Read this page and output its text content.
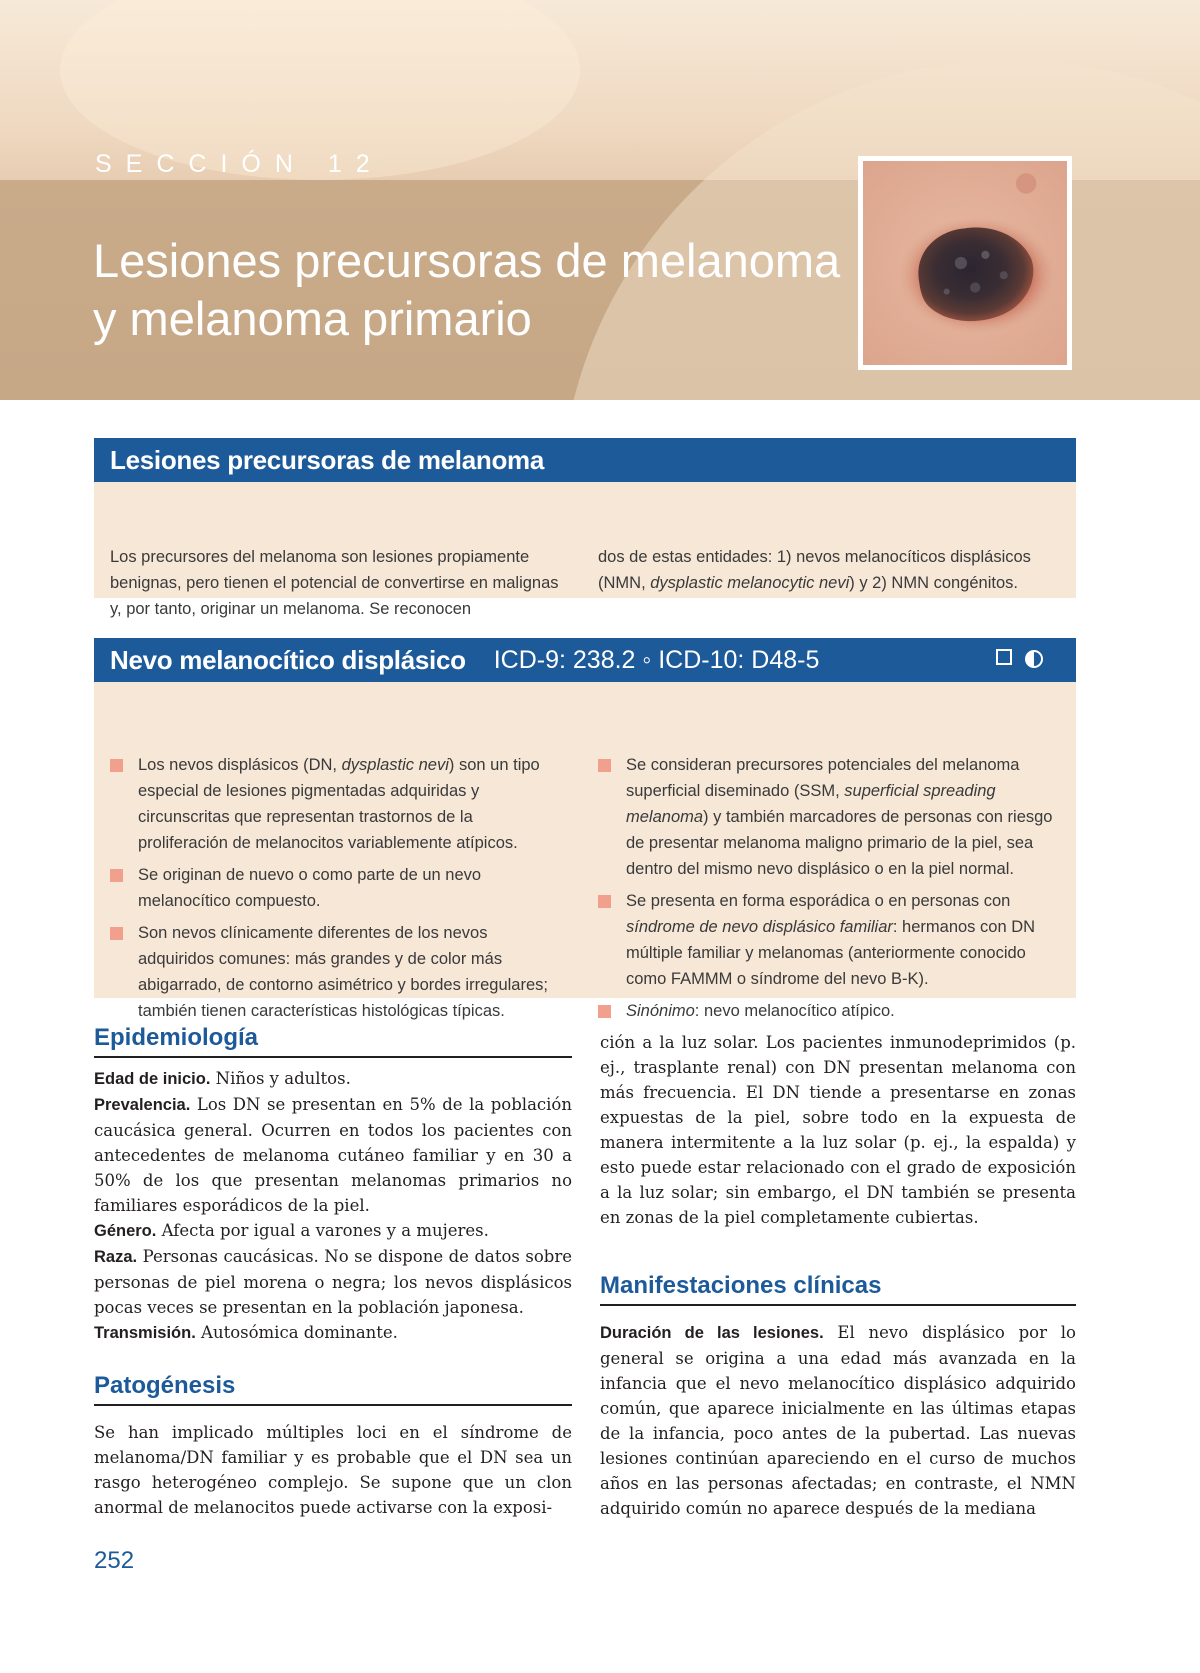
SECCIÓN 12
Lesiones precursoras de melanoma
y melanoma primario
Lesiones precursoras de melanoma

Los precursores del melanoma son lesiones propiamente benignas, pero tienen el potencial de convertirse en malignas y, por tanto, originar un melanoma. Se reconocen

dos de estas entidades: 1) nevos melanocíticos displásicos (NMN, dysplastic melanocytic nevi) y 2) NMN congénitos.

Nevo melanocítico displásico ICD-9: 238.2 ◦ ICD-10: D48-5
Los nevos displásicos (DN, dysplastic nevi) son un tipo especial de lesiones pigmentadas adquiridas y circunscritas que representan trastornos de la proliferación de melanocitos variablemente atípicos.
Se originan de nuevo o como parte de un nevo melanocítico compuesto.
Son nevos clínicamente diferentes de los nevos adquiridos comunes: más grandes y de color más abigarrado, de contorno asimétrico y bordes irregulares; también tienen características histológicas típicas.
Se consideran precursores potenciales del melanoma superficial diseminado (SSM, superficial spreading melanoma) y también marcadores de personas con riesgo de presentar melanoma maligno primario de la piel, sea dentro del mismo nevo displásico o en la piel normal.
Se presenta en forma esporádica o en personas con síndrome de nevo displásico familiar: hermanos con DN múltiple familiar y melanomas (anteriormente conocido como FAMMM o síndrome del nevo B-K).
Sinónimo: nevo melanocítico atípico.
Epidemiología

Edad de inicio. Niños y adultos.

Prevalencia. Los DN se presentan en 5% de la población caucásica general. Ocurren en todos los pacientes con antecedentes de melanoma cutáneo familiar y en 30 a 50% de los que presentan melanomas primarios no familiares esporádicos de la piel.

Género. Afecta por igual a varones y a mujeres.

Raza. Personas caucásicas. No se dispone de datos sobre personas de piel morena o negra; los nevos displásicos pocas veces se presentan en la población japonesa.

Transmisión. Autosómica dominante.

Patogénesis

Se han implicado múltiples loci en el síndrome de melanoma/DN familiar y es probable que el DN sea un rasgo heterogéneo complejo. Se supone que un clon anormal de melanocitos puede activarse con la exposi-

ción a la luz solar. Los pacientes inmunodeprimidos (p. ej., trasplante renal) con DN presentan melanoma con más frecuencia. El DN tiende a presentarse en zonas expuestas de la piel, sobre todo en la expuesta de manera intermitente a la luz solar (p. ej., la espalda) y esto puede estar relacionado con el grado de exposición a la luz solar; sin embargo, el DN también se presenta en zonas de la piel completamente cubiertas.

Manifestaciones clínicas

Duración de las lesiones. El nevo displásico por lo general se origina a una edad más avanzada en la infancia que el nevo melanocítico displásico adquirido común, que aparece inicialmente en las últimas etapas de la infancia, poco antes de la pubertad. Las nuevas lesiones continúan apareciendo en el curso de muchos años en las personas afectadas; en contraste, el NMN adquirido común no aparece después de la mediana

252
